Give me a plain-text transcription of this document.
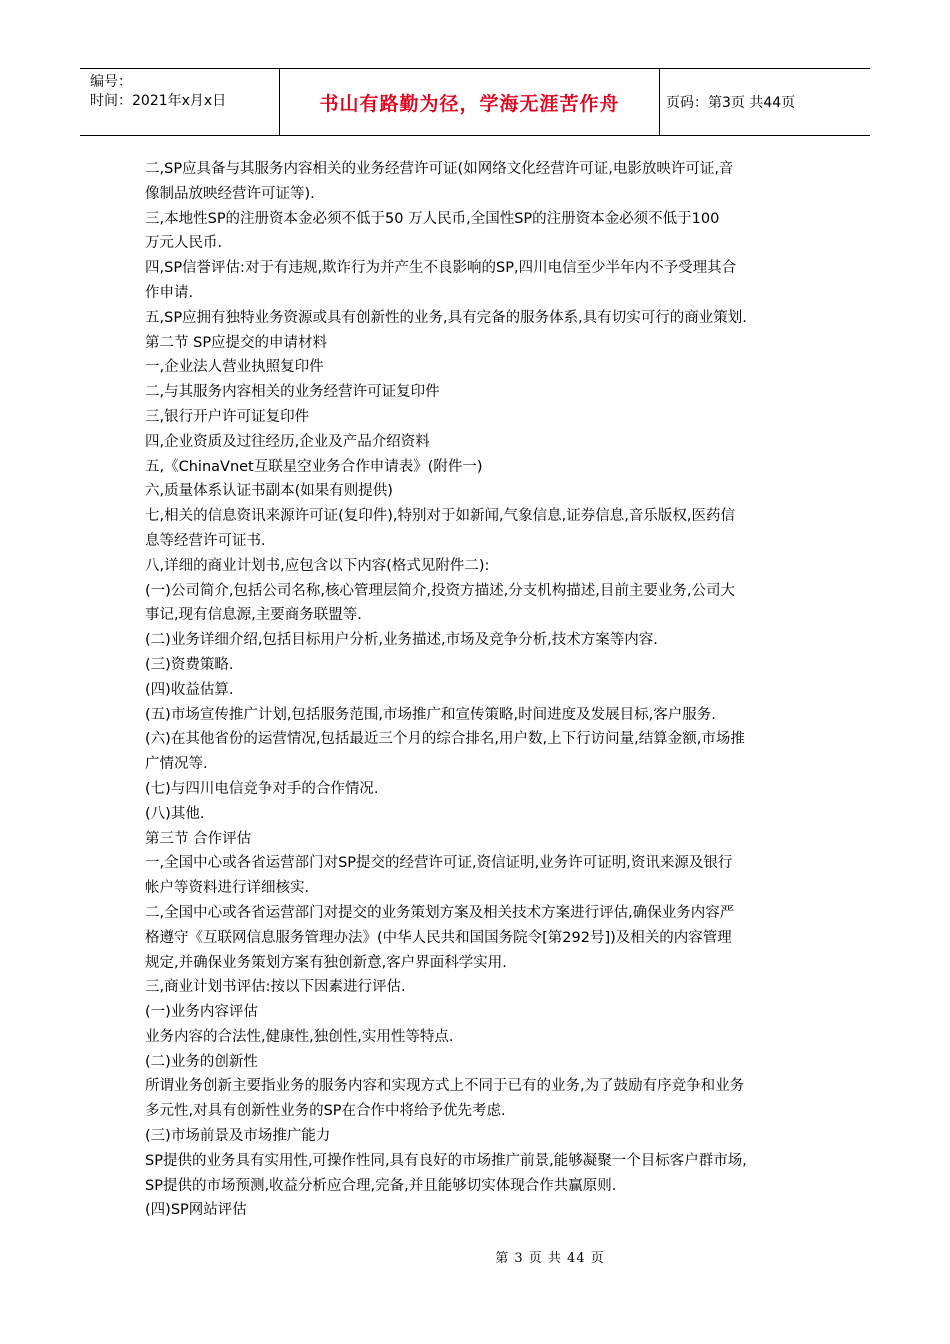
编号：
时间：2021年x月x日	书山有路勤为径，学海无涯苦作舟	页码：第3页 共44页
二,SP应具备与其服务内容相关的业务经营许可证(如网络文化经营许可证,电影放映许可证,音
像制品放映经营许可证等).
三,本地性SP的注册资本金必须不低于50 万人民币,全国性SP的注册资本金必须不低于100
万元人民币.
四,SP信誉评估:对于有违规,欺诈行为并产生不良影响的SP,四川电信至少半年内不予受理其合
作申请.
五,SP应拥有独特业务资源或具有创新性的业务,具有完备的服务体系,具有切实可行的商业策划.
第二节 SP应提交的申请材料
一,企业法人营业执照复印件
二,与其服务内容相关的业务经营许可证复印件
三,银行开户许可证复印件
四,企业资质及过往经历,企业及产品介绍资料
五,《ChinaVnet互联星空业务合作申请表》(附件一)
六,质量体系认证书副本(如果有则提供)
七,相关的信息资讯来源许可证(复印件),特别对于如新闻,气象信息,证券信息,音乐版权,医药信
息等经营许可证书.
八,详细的商业计划书,应包含以下内容(格式见附件二):
(一)公司简介,包括公司名称,核心管理层简介,投资方描述,分支机构描述,目前主要业务,公司大
事记,现有信息源,主要商务联盟等.
(二)业务详细介绍,包括目标用户分析,业务描述,市场及竞争分析,技术方案等内容.
(三)资费策略.
(四)收益估算.
(五)市场宣传推广计划,包括服务范围,市场推广和宣传策略,时间进度及发展目标,客户服务.
(六)在其他省份的运营情况,包括最近三个月的综合排名,用户数,上下行访问量,结算金额,市场推
广情况等.
(七)与四川电信竞争对手的合作情况.
(八)其他.
第三节 合作评估
一,全国中心或各省运营部门对SP提交的经营许可证,资信证明,业务许可证明,资讯来源及银行
帐户等资料进行详细核实.
二,全国中心或各省运营部门对提交的业务策划方案及相关技术方案进行评估,确保业务内容严
格遵守《互联网信息服务管理办法》(中华人民共和国国务院令[第292号])及相关的内容管理
规定,并确保业务策划方案有独创新意,客户界面科学实用.
三,商业计划书评估:按以下因素进行评估.
(一)业务内容评估
业务内容的合法性,健康性,独创性,实用性等特点.
(二)业务的创新性
所谓业务创新主要指业务的服务内容和实现方式上不同于已有的业务,为了鼓励有序竞争和业务
多元性,对具有创新性业务的SP在合作中将给予优先考虑.
(三)市场前景及市场推广能力
SP提供的业务具有实用性,可操作性同,具有良好的市场推广前景,能够凝聚一个目标客户群市场,
SP提供的市场预测,收益分析应合理,完备,并且能够切实体现合作共赢原则.
(四)SP网站评估
第 3 页 共 44 页
